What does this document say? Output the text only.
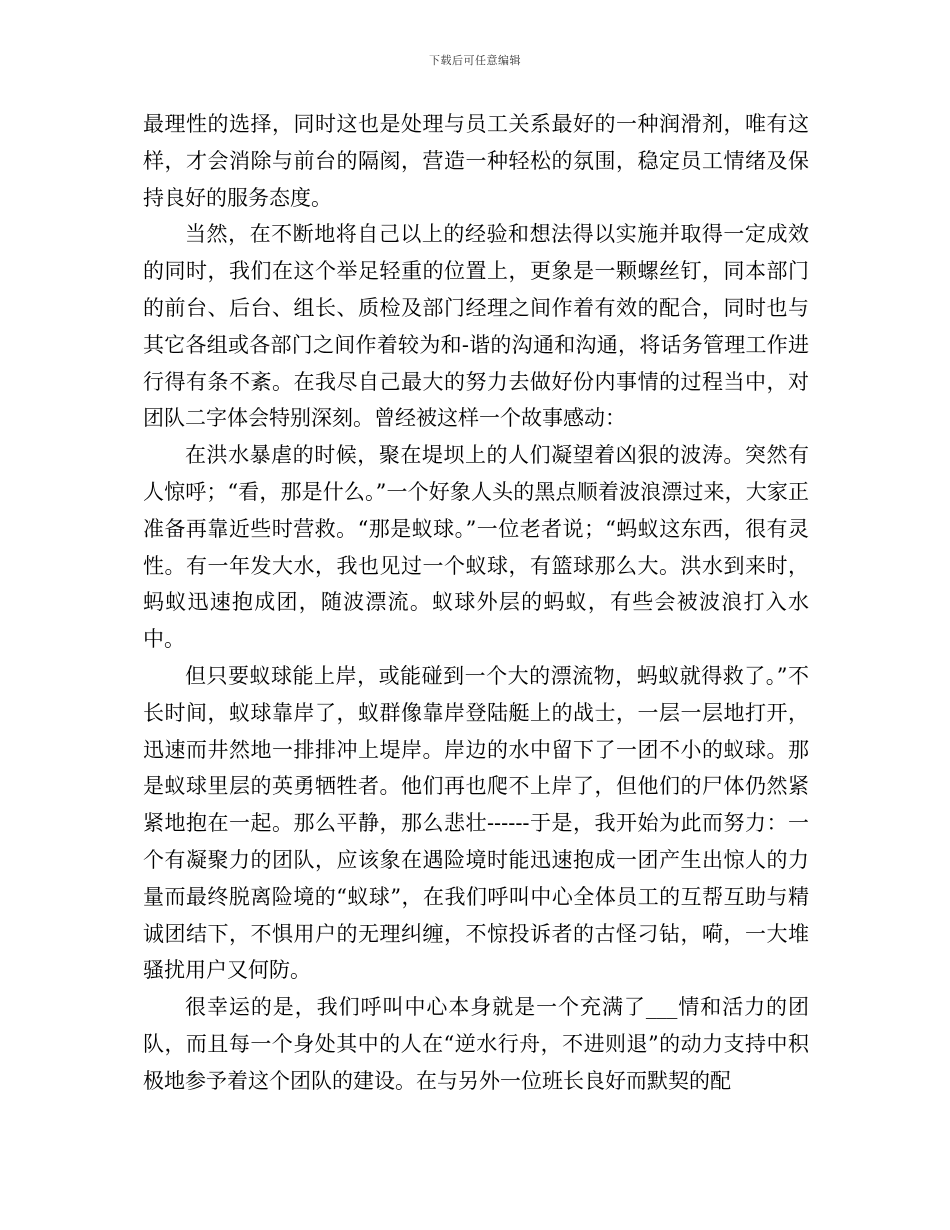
下载后可任意编辑

最理性的选择，同时这也是处理与员工关系最好的一种润滑剂，唯有这样，才会消除与前台的隔阂，营造一种轻松的氛围，稳定员工情绪及保持良好的服务态度。

当然，在不断地将自己以上的经验和想法得以实施并取得一定成效的同时，我们在这个举足轻重的位置上，更象是一颗螺丝钉，同本部门的前台、后台、组长、质检及部门经理之间作着有效的配合，同时也与其它各组或各部门之间作着较为和-谐的沟通和沟通，将话务管理工作进行得有条不紊。在我尽自己最大的努力去做好份内事情的过程当中，对团队二字体会特别深刻。曾经被这样一个故事感动：

在洪水暴虐的时候，聚在堤坝上的人们凝望着凶狠的波涛。突然有人惊呼；“看，那是什么。”一个好象人头的黑点顺着波浪漂过来，大家正准备再靠近些时营救。“那是蚁球。”一位老者说；“蚂蚁这东西，很有灵性。有一年发大水，我也见过一个蚁球，有篮球那么大。洪水到来时，蚂蚁迅速抱成团，随波漂流。蚁球外层的蚂蚁，有些会被波浪打入水中。

但只要蚁球能上岸，或能碰到一个大的漂流物，蚂蚁就得救了。”不长时间，蚁球靠岸了，蚁群像靠岸登陆艇上的战士，一层一层地打开，迅速而井然地一排排冲上堤岸。岸边的水中留下了一团不小的蚁球。那是蚁球里层的英勇牺牲者。他们再也爬不上岸了，但他们的尸体仍然紧紧地抱在一起。那么平静，那么悲壮------于是，我开始为此而努力：一个有凝聚力的团队，应该象在遇险境时能迅速抱成一团产生出惊人的力量而最终脱离险境的“蚁球”，在我们呼叫中心全体员工的互帮互助与精诚团结下，不惧用户的无理纠缠，不惊投诉者的古怪刁钻，嗬，一大堆骚扰用户又何防。

很幸运的是，我们呼叫中心本身就是一个充满了___情和活力的团队，而且每一个身处其中的人在“逆水行舟，不进则退”的动力支持中积极地参予着这个团队的建设。在与另外一位班长良好而默契的配
